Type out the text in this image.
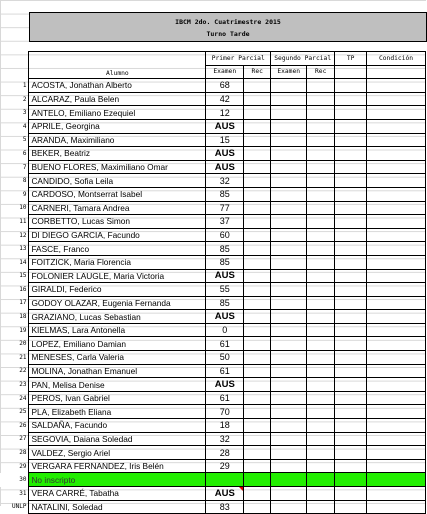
IBCM 2do. Cuatrimestre 2015
Turno Tarde
	Alumno	Primer Parcial		Segundo Parcial		TP	Condición
		Examen	Rec	Examen	Rec		
1	ACOSTA, Jonathan Alberto	68					
2	ALCARAZ, Paula Belen	42					
3	ANTELO, Emiliano Ezequiel	12					
4	APRILE, Georgina	AUS					
5	ARANDA, Maximiliano	15					
6	BEKER, Beatriz	AUS					
7	BUENO FLORES, Maximiliano Omar	AUS					
8	CANDIDO, Sofia Leila	32					
9	CARDOSO, Montserrat Isabel	85					
10	CARNERI, Tamara Andrea	77					
11	CORBETTO, Lucas Simon	37					
12	DI DIEGO GARCIA, Facundo	60					
13	FASCE, Franco	85					
14	FOITZICK, Maria Florencia	85					
15	FOLONIER LAUGLE, Maria Victoria	AUS					
16	GIRALDI, Federico	55					
17	GODOY OLAZAR, Eugenia Fernanda	85					
18	GRAZIANO, Lucas Sebastian	AUS					
19	KIELMAS, Lara Antonella	0					
20	LOPEZ, Emiliano Damian	61					
21	MENESES, Carla Valeria	50					
22	MOLINA, Jonathan Emanuel	61					
23	PAN, Melisa Denise	AUS					
24	PEROS, Ivan Gabriel	61					
25	PLA, Elizabeth Eliana	70					
26	SALDAÑA, Facundo	18					
27	SEGOVIA, Daiana Soledad	32					
28	VALDEZ, Sergio Ariel	28					
29	VERGARA FERNANDEZ, Iris Belén	29					
30	No inscripto						
31	VERA CARRÉ, Tabatha	AUS					
UNLP	NATALINI, Soledad	83					
